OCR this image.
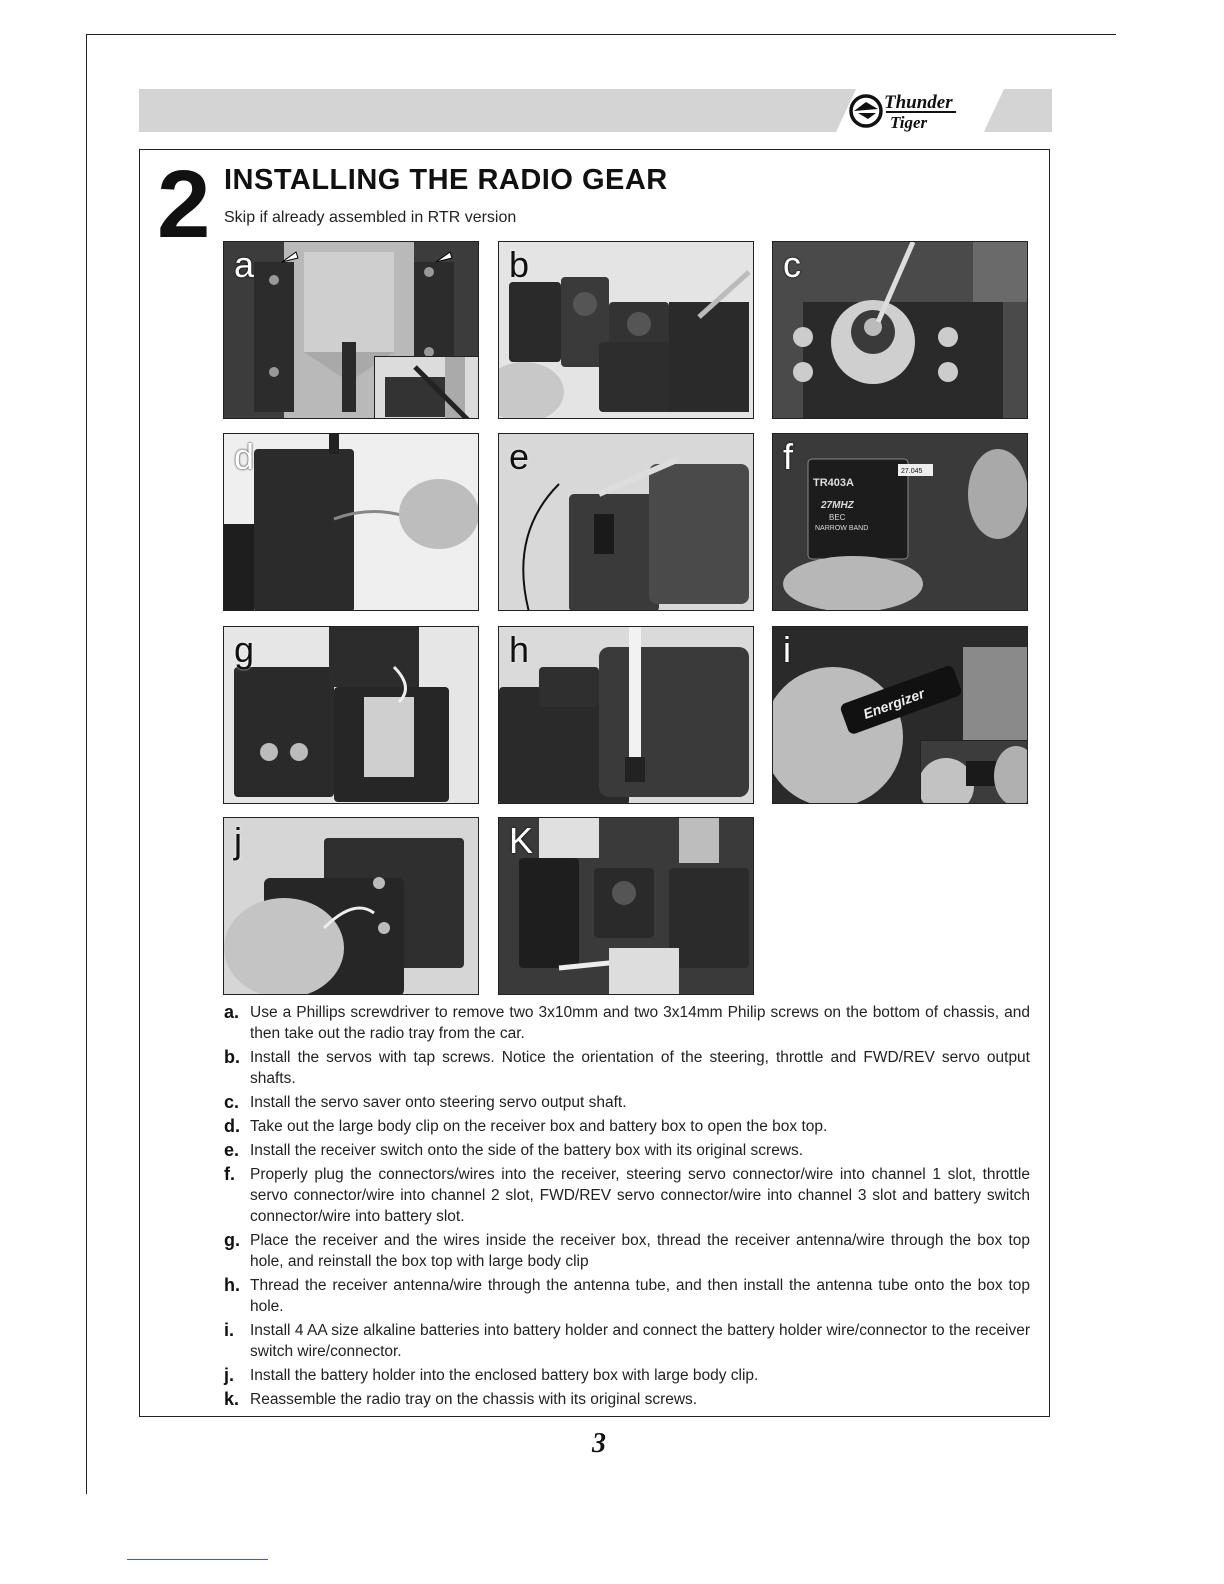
Thunder
Tiger
2 INSTALLING THE RADIO GEAR
Skip if already assembled in RTR version
a	b	c
d	e
TR403A
27MHZ
BEC
NARROW BAND
27.045
f
g	h
Energizer
i
j	K
a. Use a Phillips screwdriver to remove two 3x10mm and two 3x14mm Philip screws on the bottom of chassis, and then take out the radio tray from the car.
b. Install the servos with tap screws. Notice the orientation of the steering, throttle and FWD/REV servo output shafts.
c. Install the servo saver onto steering servo output shaft.
d. Take out the large body clip on the receiver box and battery box to open the box top.
e. Install the receiver switch onto the side of the battery box with its original screws.
f. Properly plug the connectors/wires into the receiver, steering servo connector/wire into channel 1 slot, throttle servo connector/wire into channel 2 slot, FWD/REV servo connector/wire into channel 3 slot and battery switch connector/wire into battery slot.
g. Place the receiver and the wires inside the receiver box, thread the receiver antenna/wire through the box top hole, and reinstall the box top with large body clip
h. Thread the receiver antenna/wire through the antenna tube, and then install the antenna tube onto the box top hole.
i.	Install 4 AA size alkaline batteries into battery holder and connect the battery holder wire/connector to the receiver switch wire/connector.
j.	Install the battery holder into the enclosed battery box with large body clip.
k. Reassemble the radio tray on the chassis with its original screws.
3
